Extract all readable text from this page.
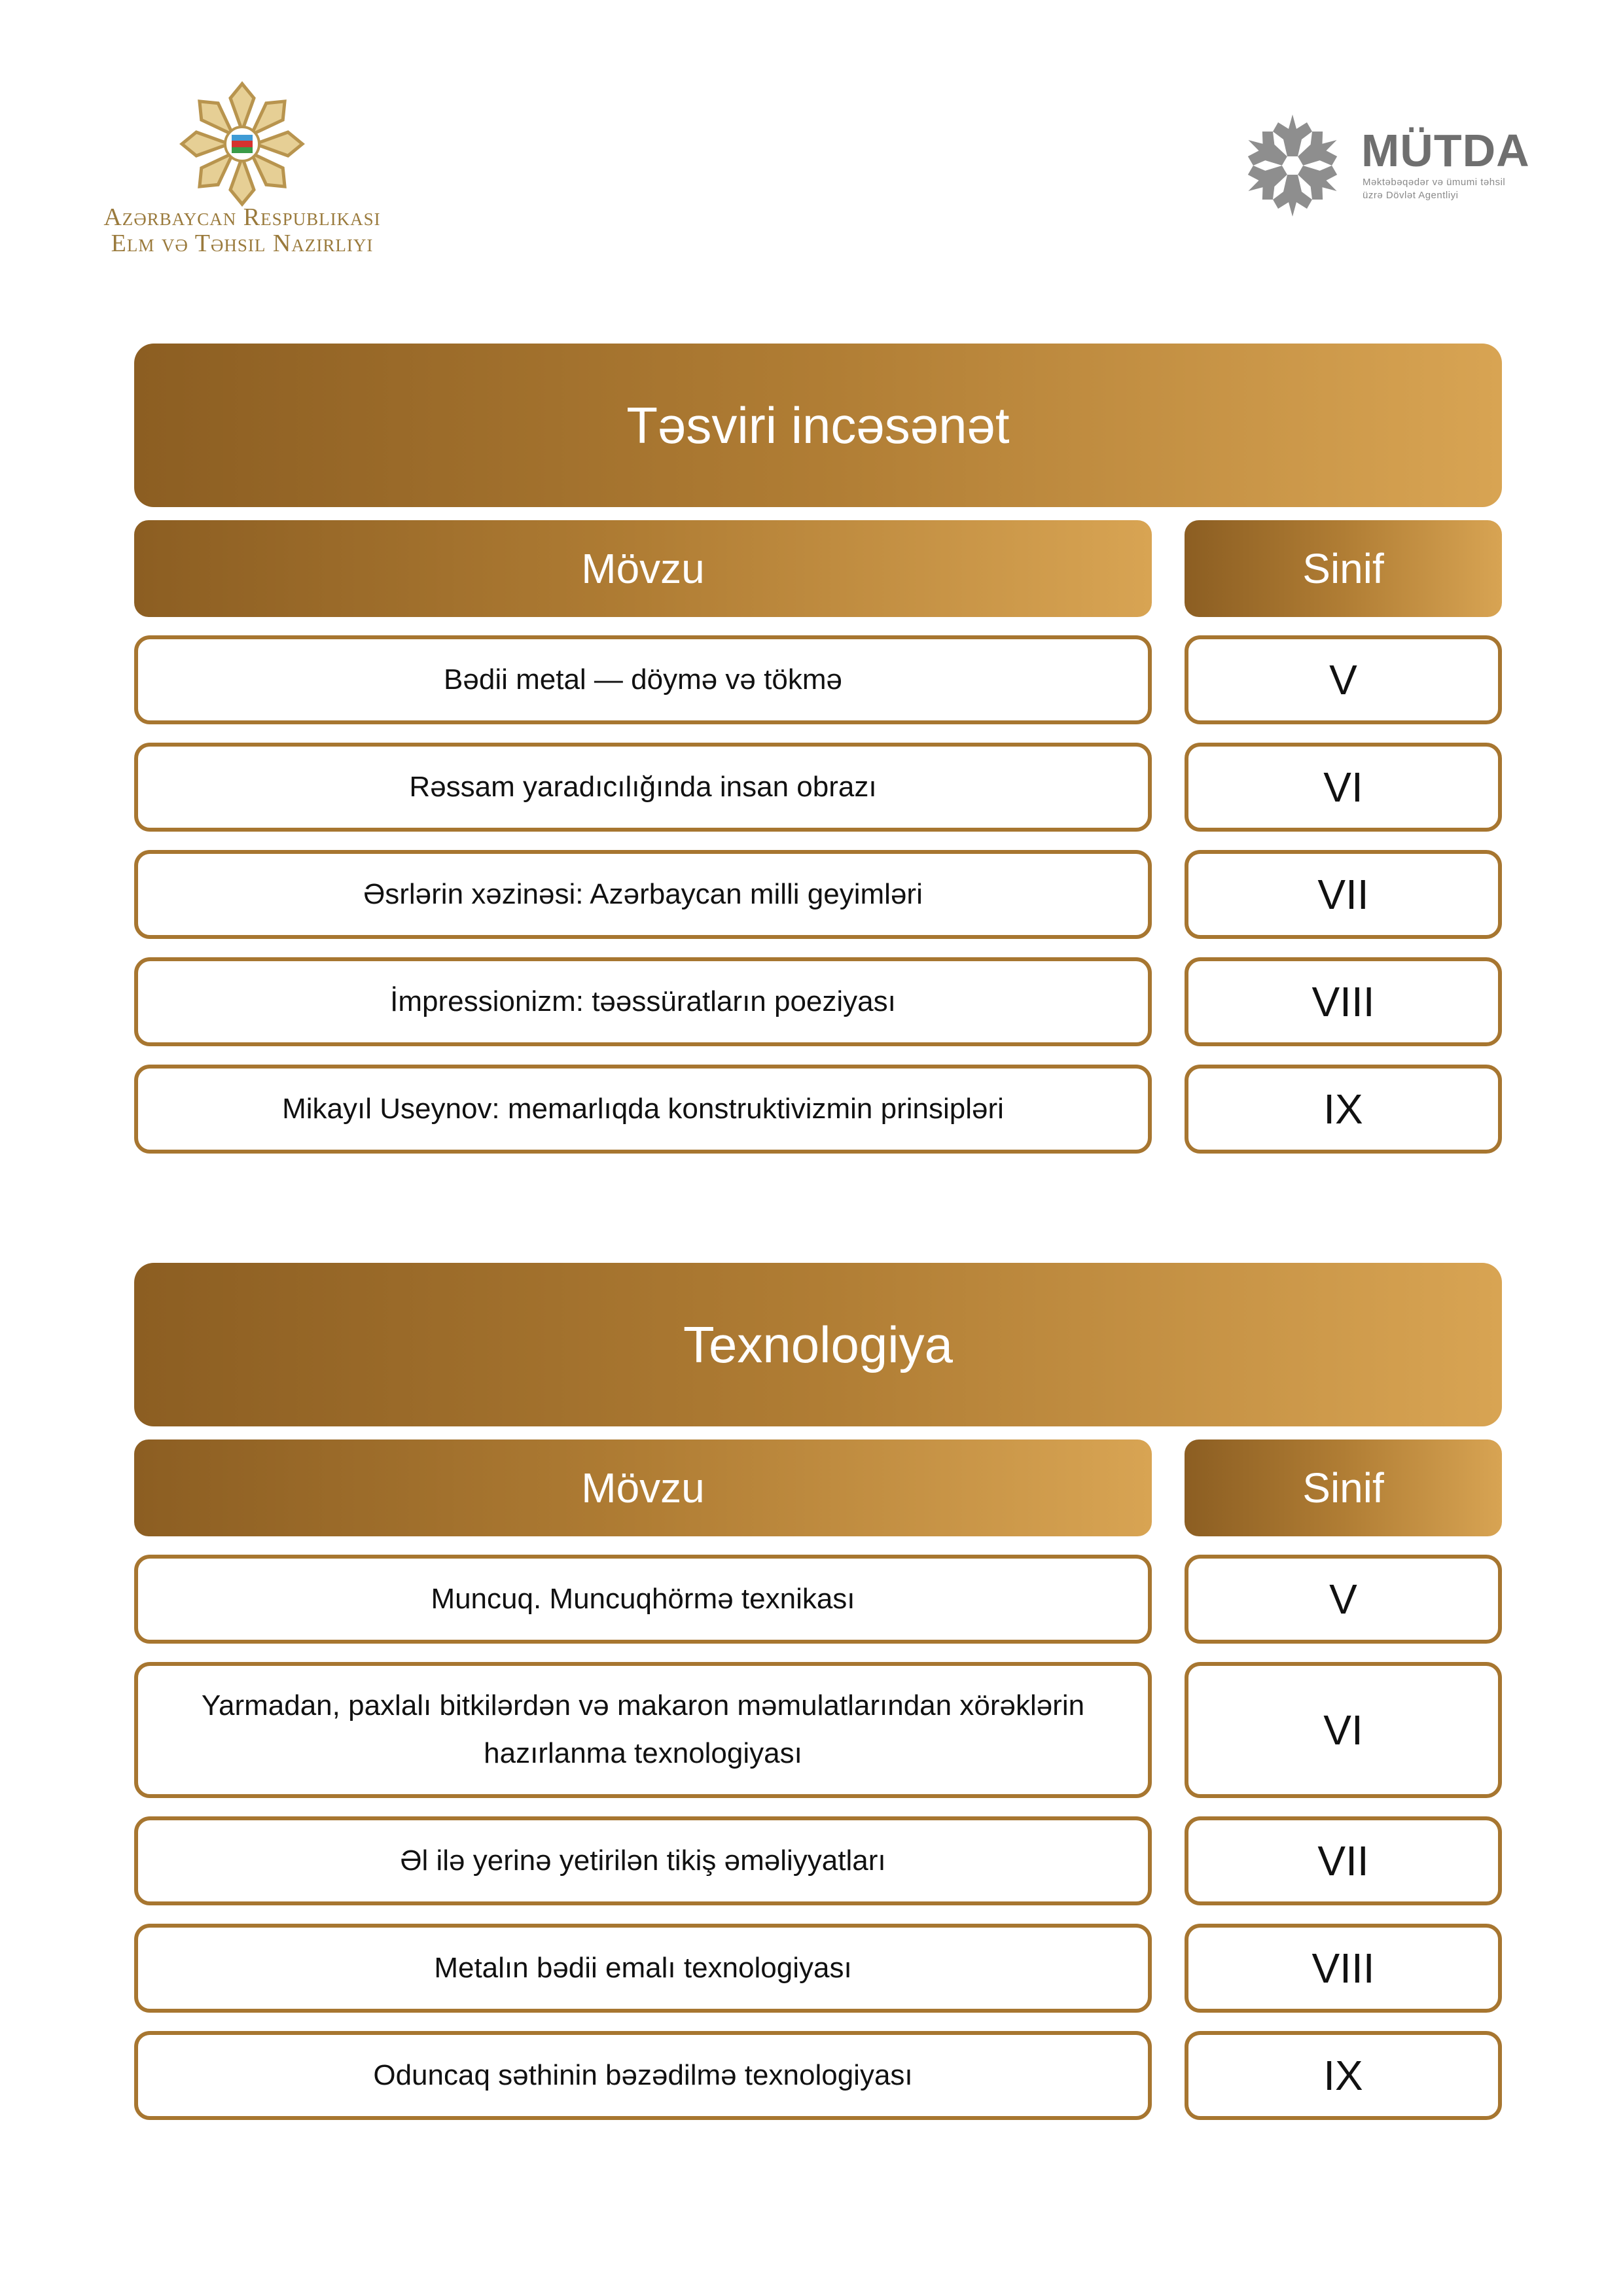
Azərbaycan Respublikası
Elm və Təhsil Nazirliyi
MÜTDA
Məktəbəqədər və ümumi təhsil
üzrə Dövlət Agentliyi
Təsviri incəsənət
Mövzu	Sinif
Bədii metal — döymə və tökmə	V
Rəssam yaradıcılığında insan obrazı	VI
Əsrlərin xəzinəsi: Azərbaycan milli geyimləri	VII
İmpressionizm: təəssüratların poeziyası	VIII
Mikayıl Useynov: memarlıqda konstruktivizmin prinsipləri	IX
Texnologiya
Mövzu	Sinif
Muncuq. Muncuqhörmə texnikası	V
Yarmadan, paxlalı bitkilərdən və makaron məmulatlarından xörəklərin hazırlanma texnologiyası	VI
Əl ilə yerinə yetirilən tikiş əməliyyatları	VII
Metalın bədii emalı texnologiyası	VIII
Oduncaq səthinin bəzədilmə texnologiyası	IX
